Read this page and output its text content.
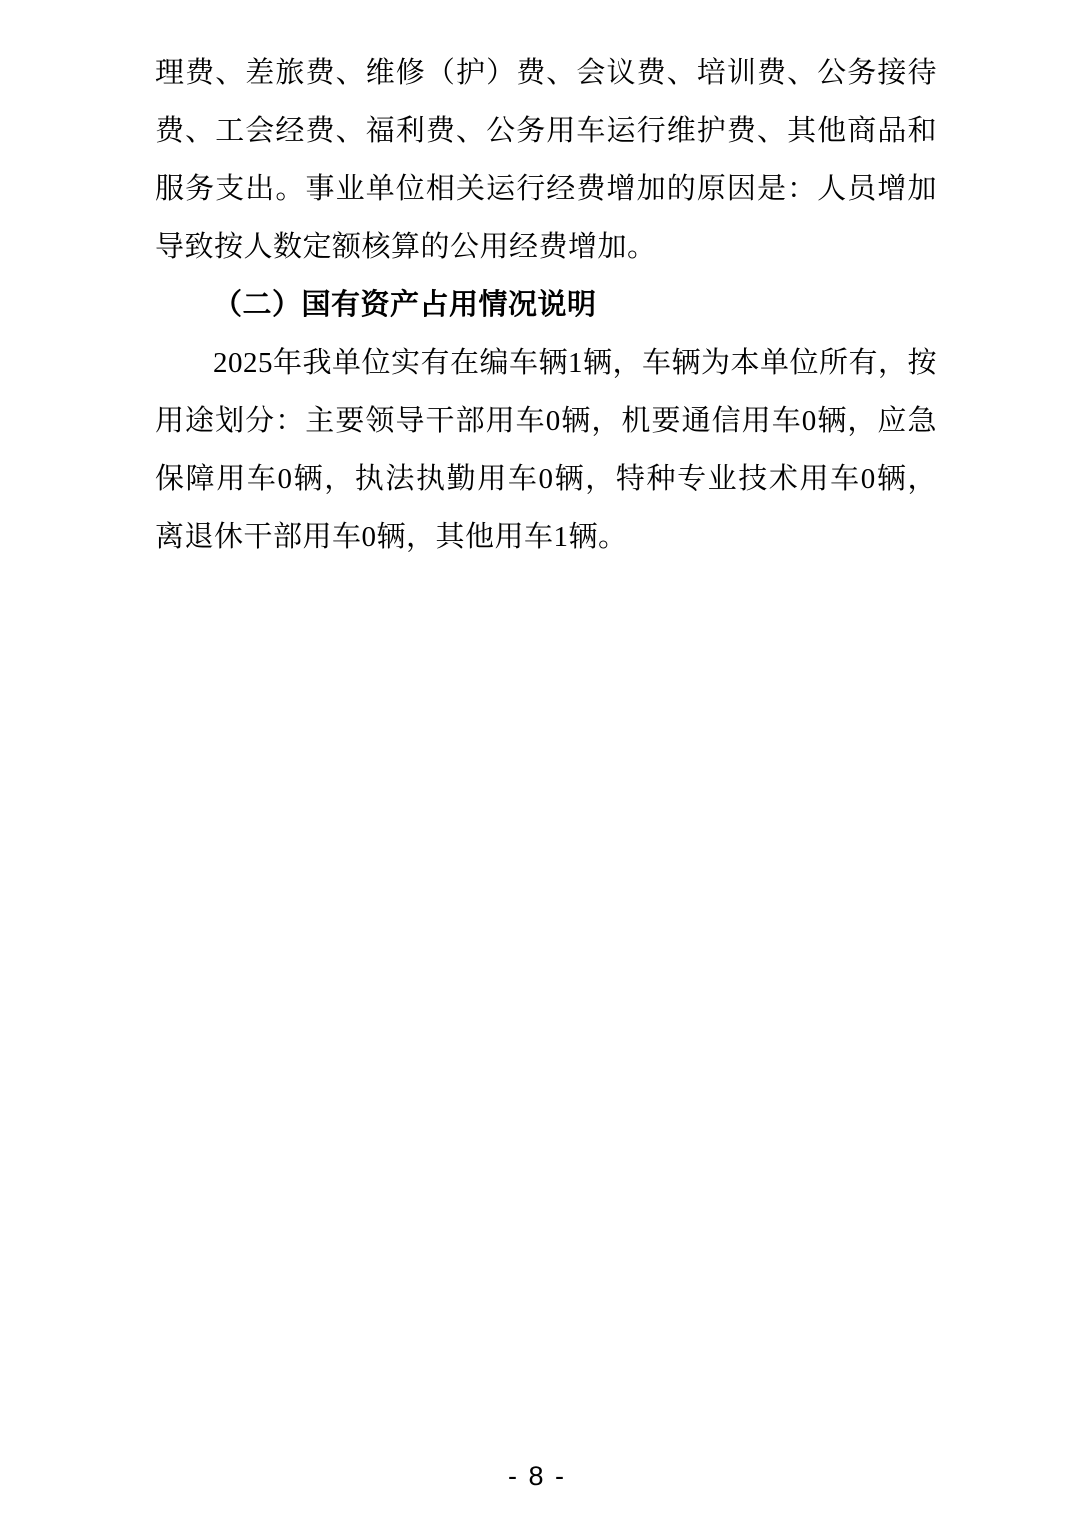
理费、差旅费、维修（护）费、会议费、培训费、公务接待费、工会经费、福利费、公务用车运行维护费、其他商品和服务支出。事业单位相关运行经费增加的原因是：人员增加导致按人数定额核算的公用经费增加。

（二）国有资产占用情况说明

2025年我单位实有在编车辆1辆，车辆为本单位所有，按用途划分：主要领导干部用车0辆，机要通信用车0辆，应急保障用车0辆，执法执勤用车0辆，特种专业技术用车0辆，离退休干部用车0辆，其他用车1辆。

- 8 -
